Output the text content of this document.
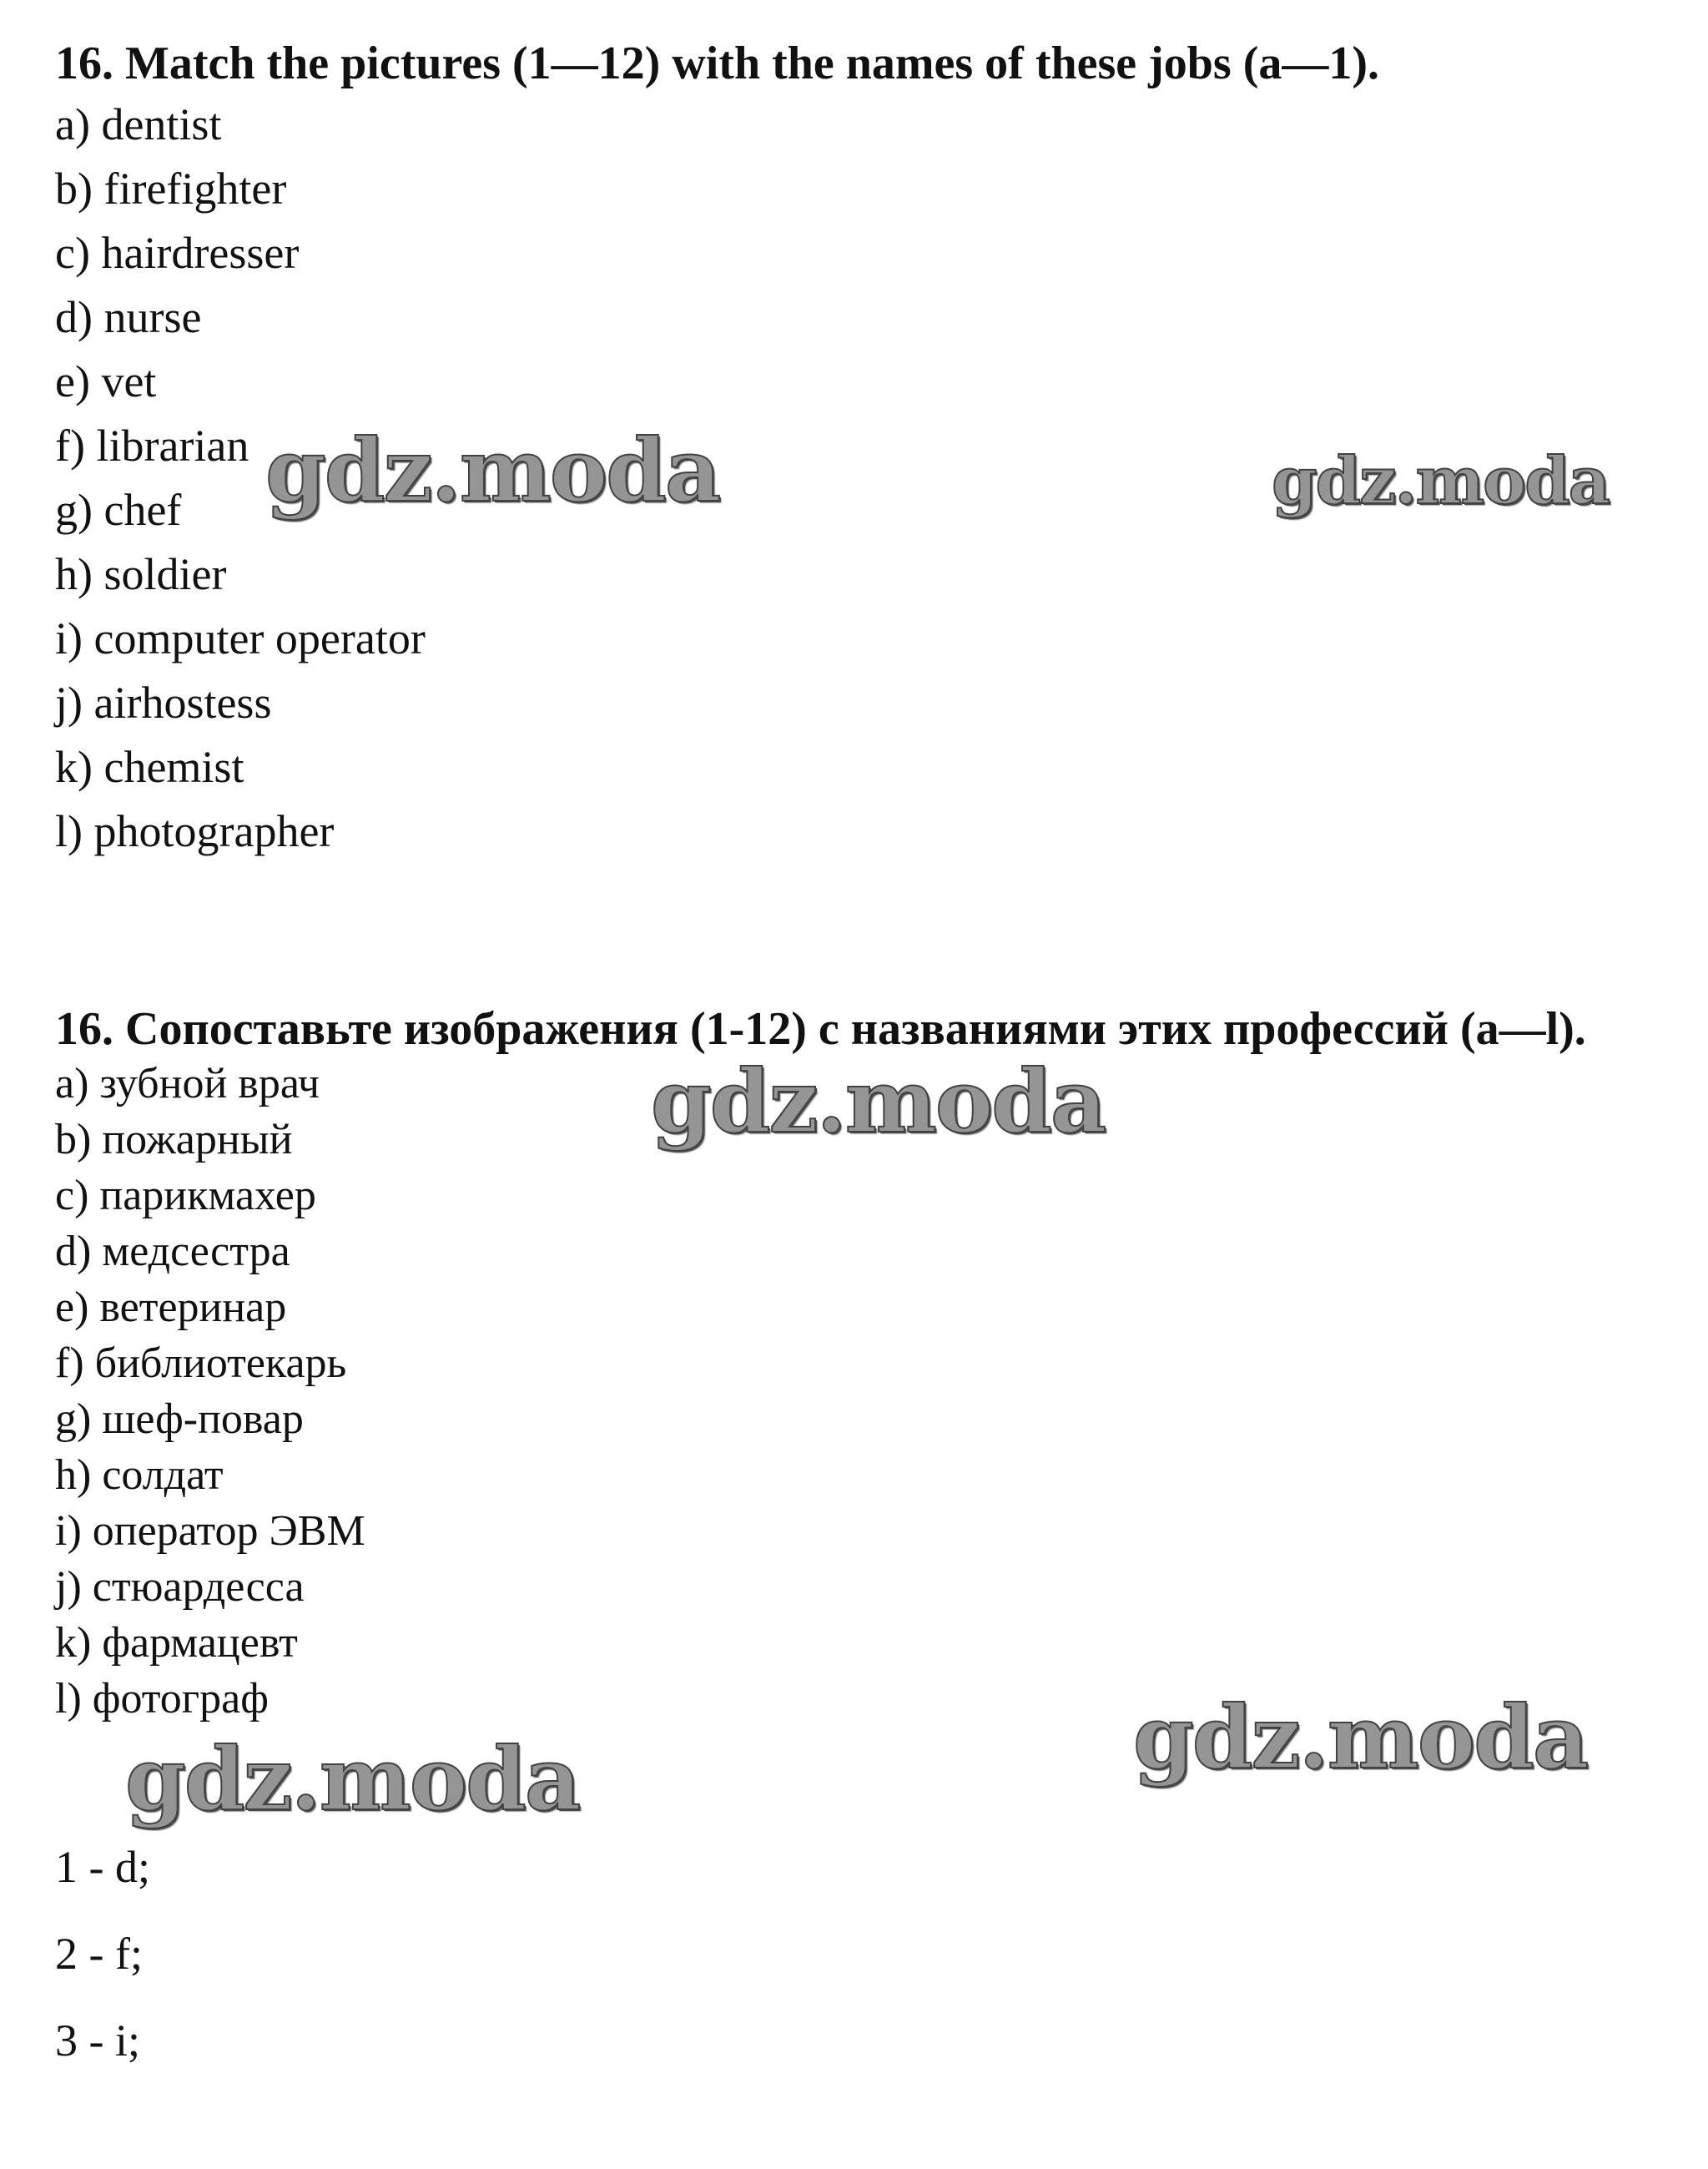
16. Match the pictures (1—12) with the names of these jobs (a—1).
a) dentist
b) firefighter
c) hairdresser
d) nurse
e) vet
f) librarian
g) chef
h) soldier
i) computer operator
j) airhostess
k) chemist
l) photographer
16. Сопоставьте изображения (1-12) с названиями этих профессий (a—l).
a) зубной врач
b) пожарный
c) парикмахер
d) медсестра
e) ветеринар
f) библиотекарь
g) шеф-повар
h) солдат
i) оператор ЭВМ
j) стюардесса
k) фармацевт
l) фотограф
1 - d;
2 - f;
3 - i;
gdz.moda	gdz.moda
gdz.moda
gdz.moda
gdz.moda
